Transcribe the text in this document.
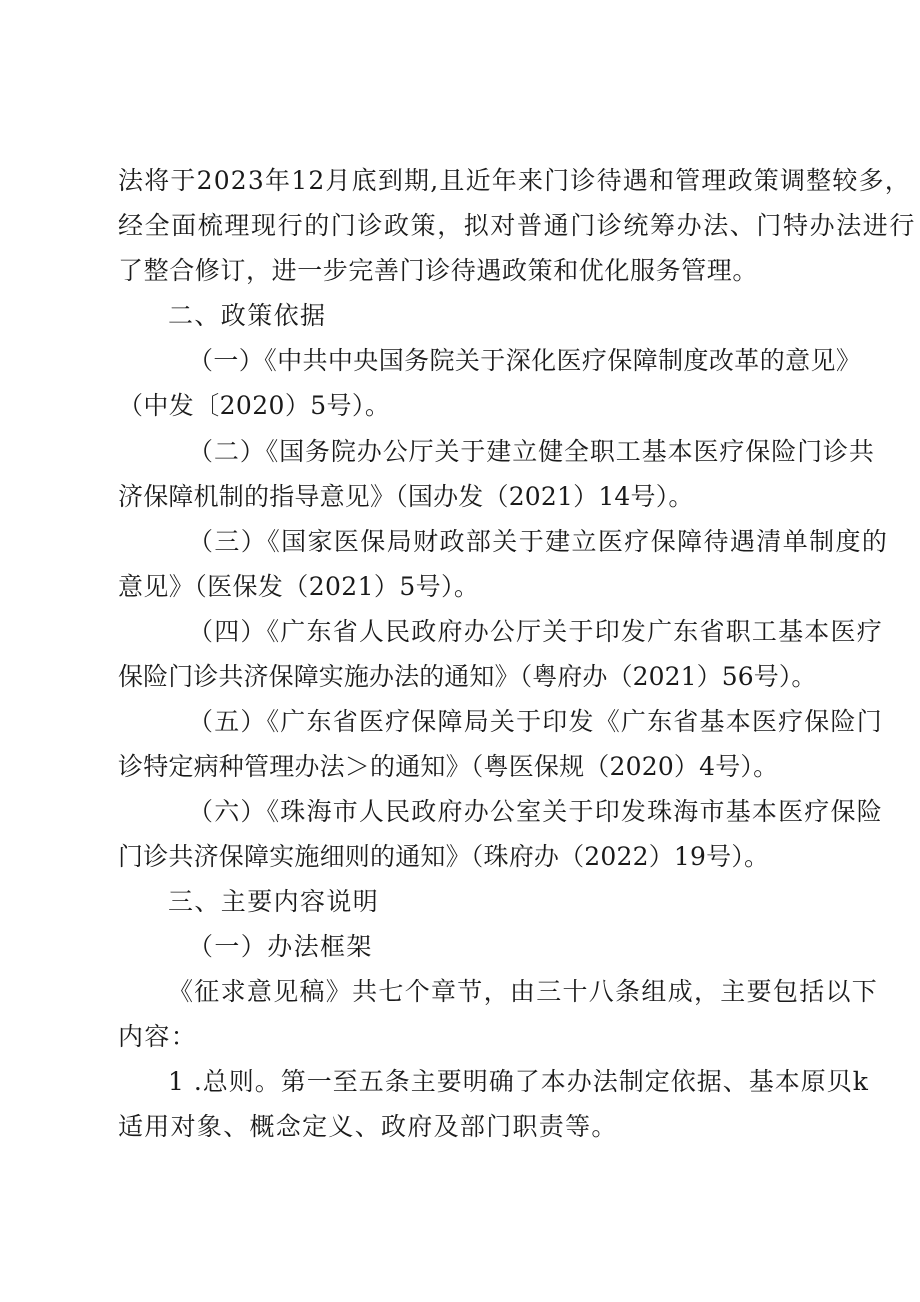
法将于2023年12月底到期,且近年来门诊待遇和管理政策调整较多，
经全面梳理现行的门诊政策，拟对普通门诊统筹办法、门特办法进行
了整合修订，进一步完善门诊待遇政策和优化服务管理。
二、政策依据
（一）《中共中央国务院关于深化医疗保障制度改革的意见》
（中发〔2020）5号）。
（二）《国务院办公厅关于建立健全职工基本医疗保险门诊共
济保障机制的指导意见》（国办发（2021）14号）。
（三）《国家医保局财政部关于建立医疗保障待遇清单制度的
意见》（医保发（2021）5号）。
（四）《广东省人民政府办公厅关于印发广东省职工基本医疗
保险门诊共济保障实施办法的通知》（粤府办（2021）56号）。
（五）《广东省医疗保障局关于印发《广东省基本医疗保险门
诊特定病种管理办法＞的通知》（粤医保规（2020）4号）。
（六）《珠海市人民政府办公室关于印发珠海市基本医疗保险
门诊共济保障实施细则的通知》（珠府办（2022）19号）。
三、主要内容说明
（一）办法框架
《征求意见稿》共七个章节，由三十八条组成，主要包括以下
内容：
1 .总则。第一至五条主要明确了本办法制定依据、基本原贝k
适用对象、概念定义、政府及部门职责等。
